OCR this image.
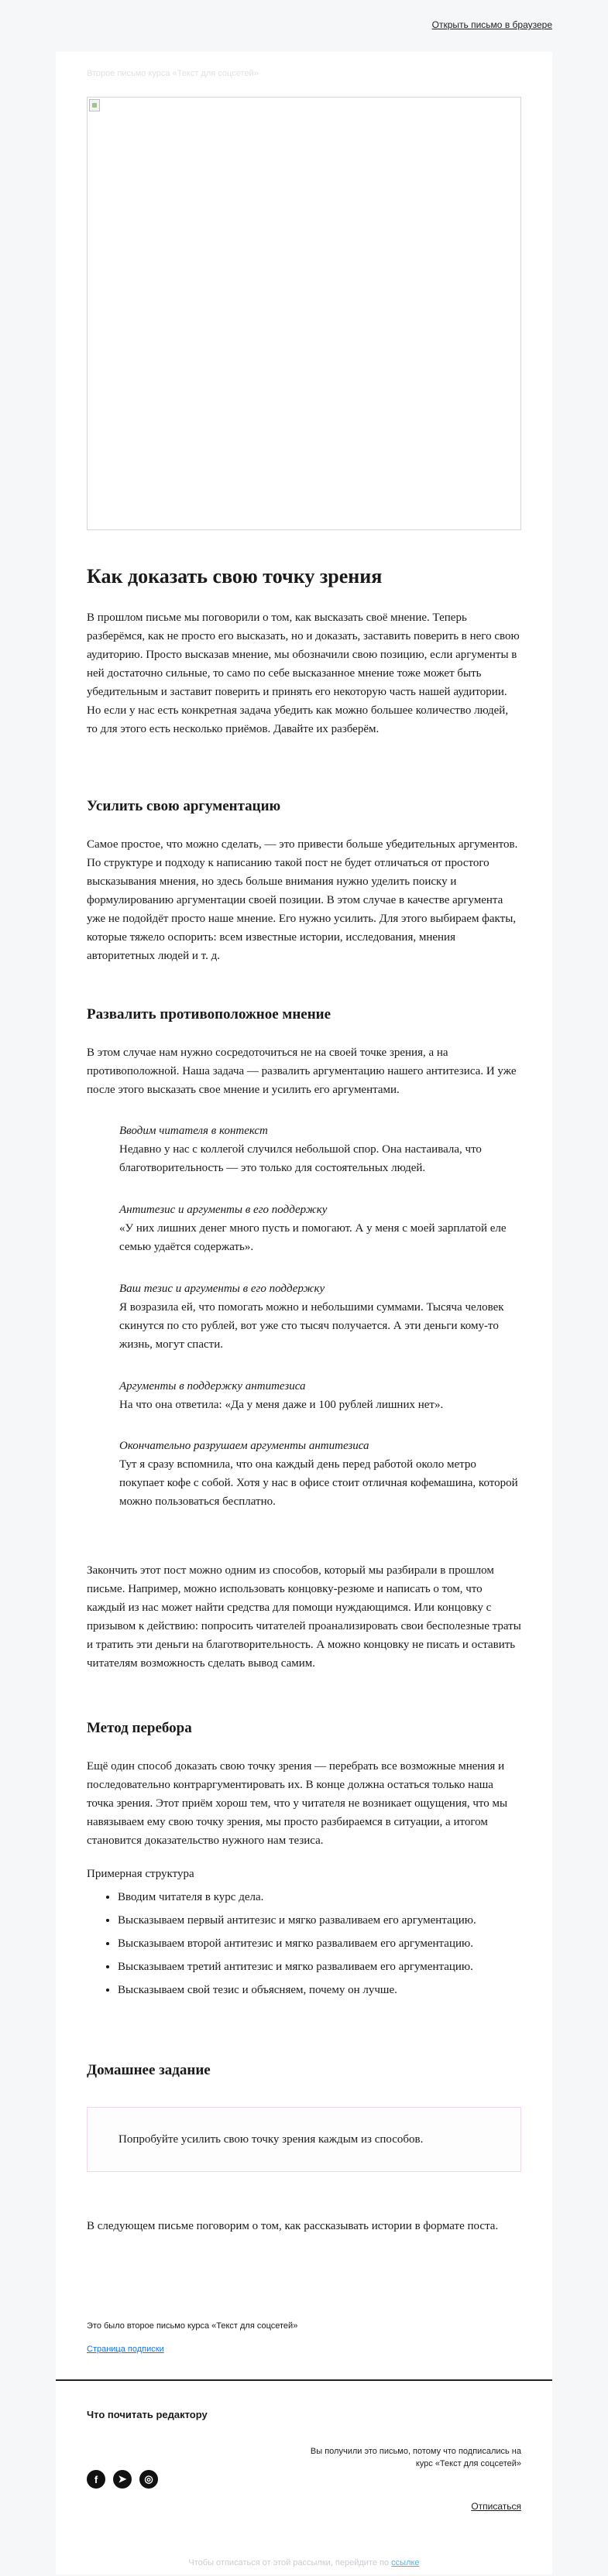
Открыть письмо в браузере
Второе письмо курса «Текст для соцсетей»
Как доказать свою точку зрения

В прошлом письме мы поговорили о том, как высказать своё мнение. Теперь разберёмся, как не просто его высказать, но и доказать, заставить поверить в него свою аудиторию. Просто высказав мнение, мы обозначили свою позицию, если аргументы в ней достаточно сильные, то само по себе высказанное мнение тоже может быть убедительным и заставит поверить и принять его некоторую часть нашей аудитории. Но если у нас есть конкретная задача убедить как можно большее количество людей, то для этого есть несколько приёмов. Давайте их разберём.

Усилить свою аргументацию

Самое простое, что можно сделать, — это привести больше убедительных аргументов. По структуре и подходу к написанию такой пост не будет отличаться от простого высказывания мнения, но здесь больше внимания нужно уделить поиску и формулированию аргументации своей позиции. В этом случае в качестве аргумента уже не подойдёт просто наше мнение. Его нужно усилить. Для этого выбираем факты, которые тяжело оспорить: всем известные истории, исследования, мнения авторитетных людей и т. д.

Развалить противоположное мнение

В этом случае нам нужно сосредоточиться не на своей точке зрения, а на противоположной. Наша задача — развалить аргументацию нашего антитезиса. И уже после этого высказать свое мнение и усилить его аргументами.

Вводим читателя в контекст
Недавно у нас с коллегой случился небольшой спор. Она настаивала, что благотворительность — это только для состоятельных людей.
Антитезис и аргументы в его поддержку
«У них лишних денег много пусть и помогают. А у меня с моей зарплатой еле семью удаётся содержать».
Ваш тезис и аргументы в его поддержку
Я возразила ей, что помогать можно и небольшими суммами. Тысяча человек скинутся по сто рублей, вот уже сто тысяч получается. А эти деньги кому-то жизнь, могут спасти.
Аргументы в поддержку антитезиса
На что она ответила: «Да у меня даже и 100 рублей лишних нет».
Окончательно разрушаем аргументы антитезиса
Тут я сразу вспомнила, что она каждый день перед работой около метро покупает кофе с собой. Хотя у нас в офисе стоит отличная кофемашина, которой можно пользоваться бесплатно.

Закончить этот пост можно одним из способов, который мы разбирали в прошлом письме. Например, можно использовать концовку-резюме и написать о том, что каждый из нас может найти средства для помощи нуждающимся. Или концовку с призывом к действию: попросить читателей проанализировать свои бесполезные траты и тратить эти деньги на благотворительность. А можно концовку не писать и оставить читателям возможность сделать вывод самим.

Метод перебора

Ещё один способ доказать свою точку зрения — перебрать все возможные мнения и последовательно контраргументировать их. В конце должна остаться только наша точка зрения. Этот приём хорош тем, что у читателя не возникает ощущения, что мы навязываем ему свою точку зрения, мы просто разбираемся в ситуации, а итогом становится доказательство нужного нам тезиса.

Примерная структура

• Вводим читателя в курс дела.
• Высказываем первый антитезис и мягко разваливаем его аргументацию.
• Высказываем второй антитезис и мягко разваливаем его аргументацию.
• Высказываем третий антитезис и мягко разваливаем его аргументацию.
• Высказываем свой тезис и объясняем, почему он лучше.
Домашнее задание
Попробуйте усилить свою точку зрения каждым из способов.

В следующем письме поговорим о том, как рассказывать истории в формате поста.

Это было второе письмо курса «Текст для соцсетей»
Страница подписки
Что почитать редактору
Вы получили это письмо, потому что подписались на курс «Текст для соцсетей»
f	➤	◎
Отписаться
Чтобы отписаться от этой рассылки, перейдите по ссылке
